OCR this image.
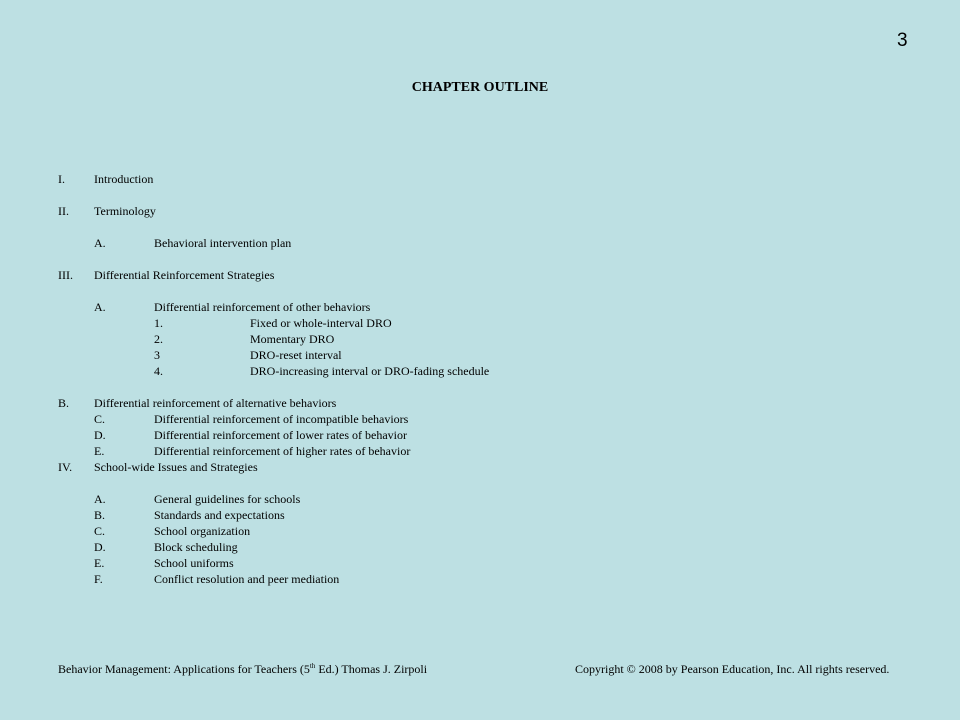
3
CHAPTER OUTLINE
I. Introduction
II. Terminology
A.	Behavioral intervention plan
III. Differential Reinforcement Strategies
A.	Differential reinforcement of other behaviors
1.	Fixed or whole-interval DRO
2.	Momentary DRO
3	DRO-reset interval
4.	DRO-increasing interval or DRO-fading schedule
B. Differential reinforcement of alternative behaviors
C.	Differential reinforcement of incompatible behaviors
D.	Differential reinforcement of lower rates of behavior
E.	Differential reinforcement of higher rates of behavior
IV. School-wide Issues and Strategies
A.	General guidelines for schools
B.	Standards and expectations
C.	School organization
D.	Block scheduling
E.	School uniforms
F.	Conflict resolution and peer mediation
Behavior Management: Applications for Teachers (5th Ed.) Thomas J. Zirpoli	Copyright © 2008 by Pearson Education, Inc. All rights reserved.
